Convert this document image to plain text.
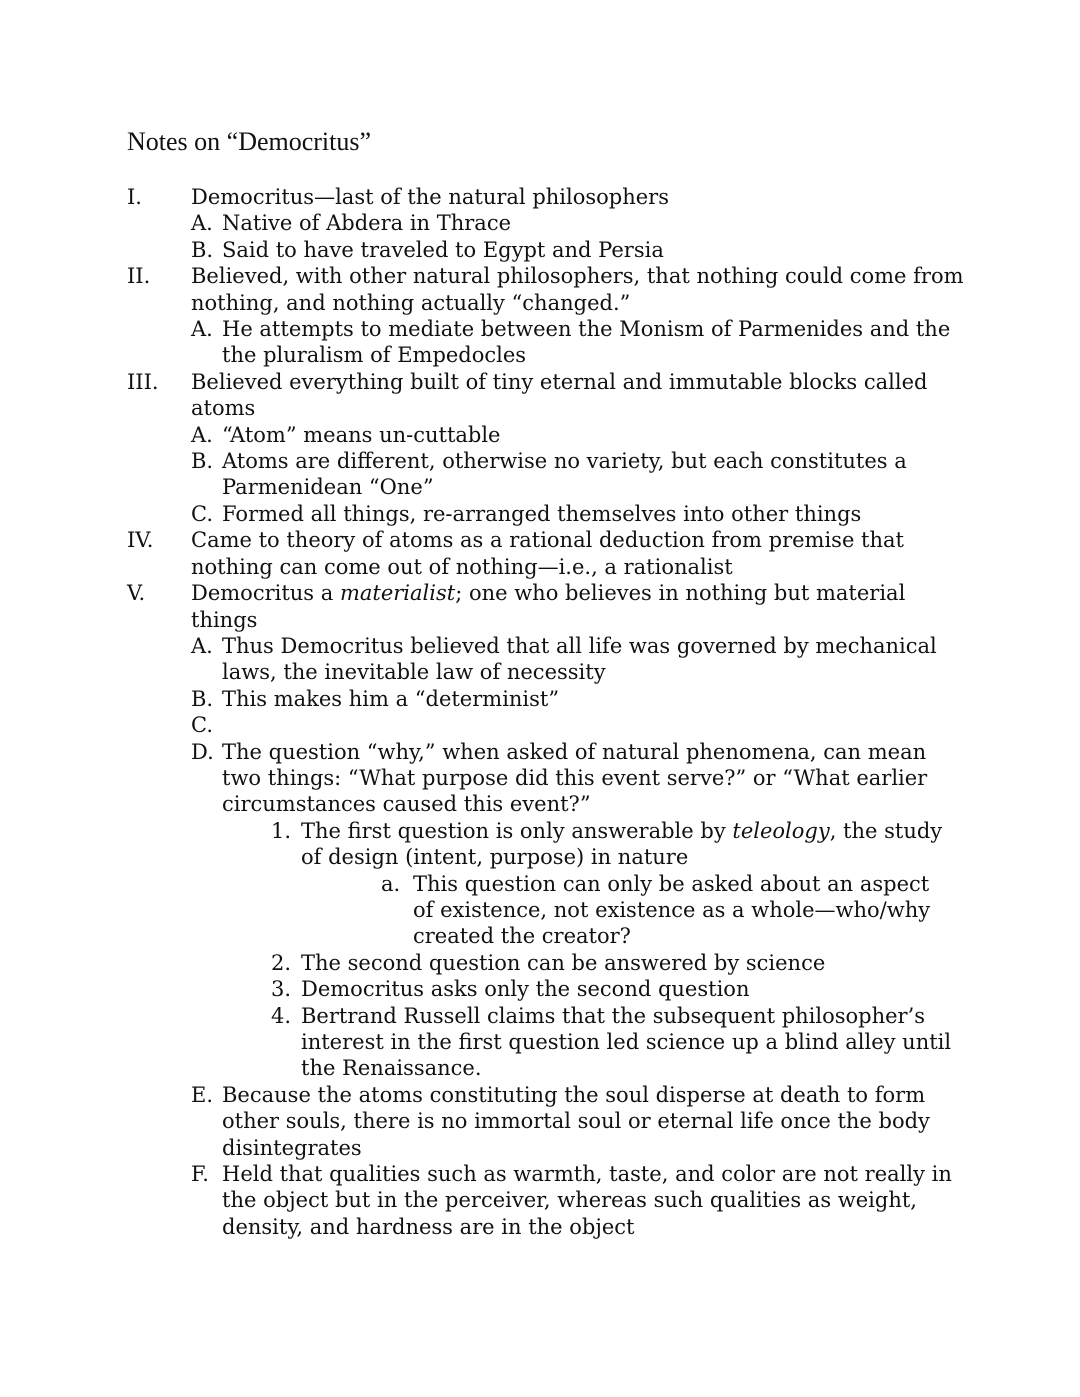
Notes on “Democritus”
I. Democritus—last of the natural philosophers
A. Native of Abdera in Thrace
B. Said to have traveled to Egypt and Persia
II. Believed, with other natural philosophers, that nothing could come from nothing, and nothing actually “changed.”
A. He attempts to mediate between the Monism of Parmenides and the the pluralism of Empedocles
III. Believed everything built of tiny eternal and immutable blocks called atoms
A. “Atom” means un-cuttable
B. Atoms are different, otherwise no variety, but each constitutes a Parmenidean “One”
C. Formed all things, re-arranged themselves into other things
IV. Came to theory of atoms as a rational deduction from premise that nothing can come out of nothing—i.e., a rationalist
V. Democritus a materialist; one who believes in nothing but material things
A. Thus Democritus believed that all life was governed by mechanical laws, the inevitable law of necessity
B. This makes him a “determinist”
C.
D. The question “why,” when asked of natural phenomena, can mean two things: “What purpose did this event serve?” or “What earlier circumstances caused this event?”
1. The first question is only answerable by teleology, the study of design (intent, purpose) in nature
a. This question can only be asked about an aspect of existence, not existence as a whole—who/why created the creator?
2. The second question can be answered by science
3. Democritus asks only the second question
4. Bertrand Russell claims that the subsequent philosopher’s interest in the first question led science up a blind alley until the Renaissance.
E. Because the atoms constituting the soul disperse at death to form other souls, there is no immortal soul or eternal life once the body disintegrates
F. Held that qualities such as warmth, taste, and color are not really in the object but in the perceiver, whereas such qualities as weight, density, and hardness are in the object
